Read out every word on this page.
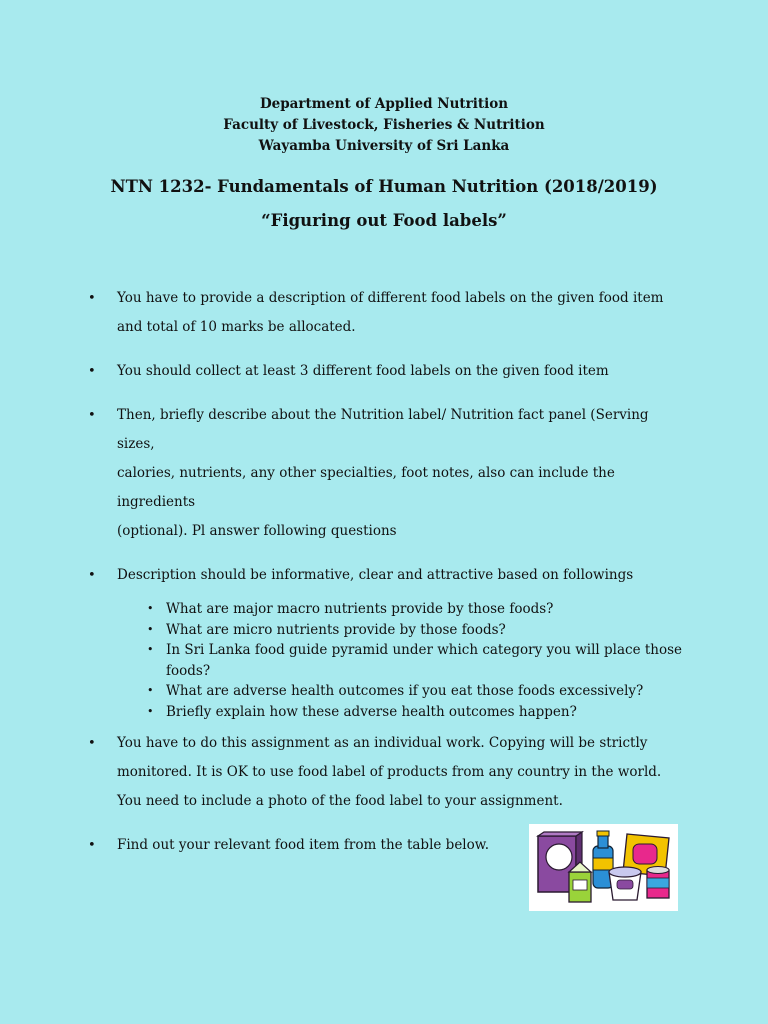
Department of Applied Nutrition
Faculty of Livestock, Fisheries & Nutrition
Wayamba University of Sri Lanka
NTN 1232- Fundamentals of Human Nutrition (2018/2019)
“Figuring out Food labels”
• You have to provide a description of different food labels on the given food item
and total of 10 marks be allocated.
• You should collect at least 3 different food labels on the given food item
• Then, briefly describe about the Nutrition label/ Nutrition fact panel (Serving sizes,
calories, nutrients, any other specialties, foot notes, also can include the ingredients
(optional). Pl answer following questions
• Description should be informative, clear and attractive based on followings
• What are major macro nutrients provide by those foods?
• What are micro nutrients provide by those foods?
• In Sri Lanka food guide pyramid under which category you will place those
foods?
• What are adverse health outcomes if you eat those foods excessively?
• Briefly explain how these adverse health outcomes happen?
• You have to do this assignment as an individual work. Copying will be strictly
monitored. It is OK to use food label of products from any country in the world.
You need to include a photo of the food label to your assignment.
• Find out your relevant food item from the table below.
